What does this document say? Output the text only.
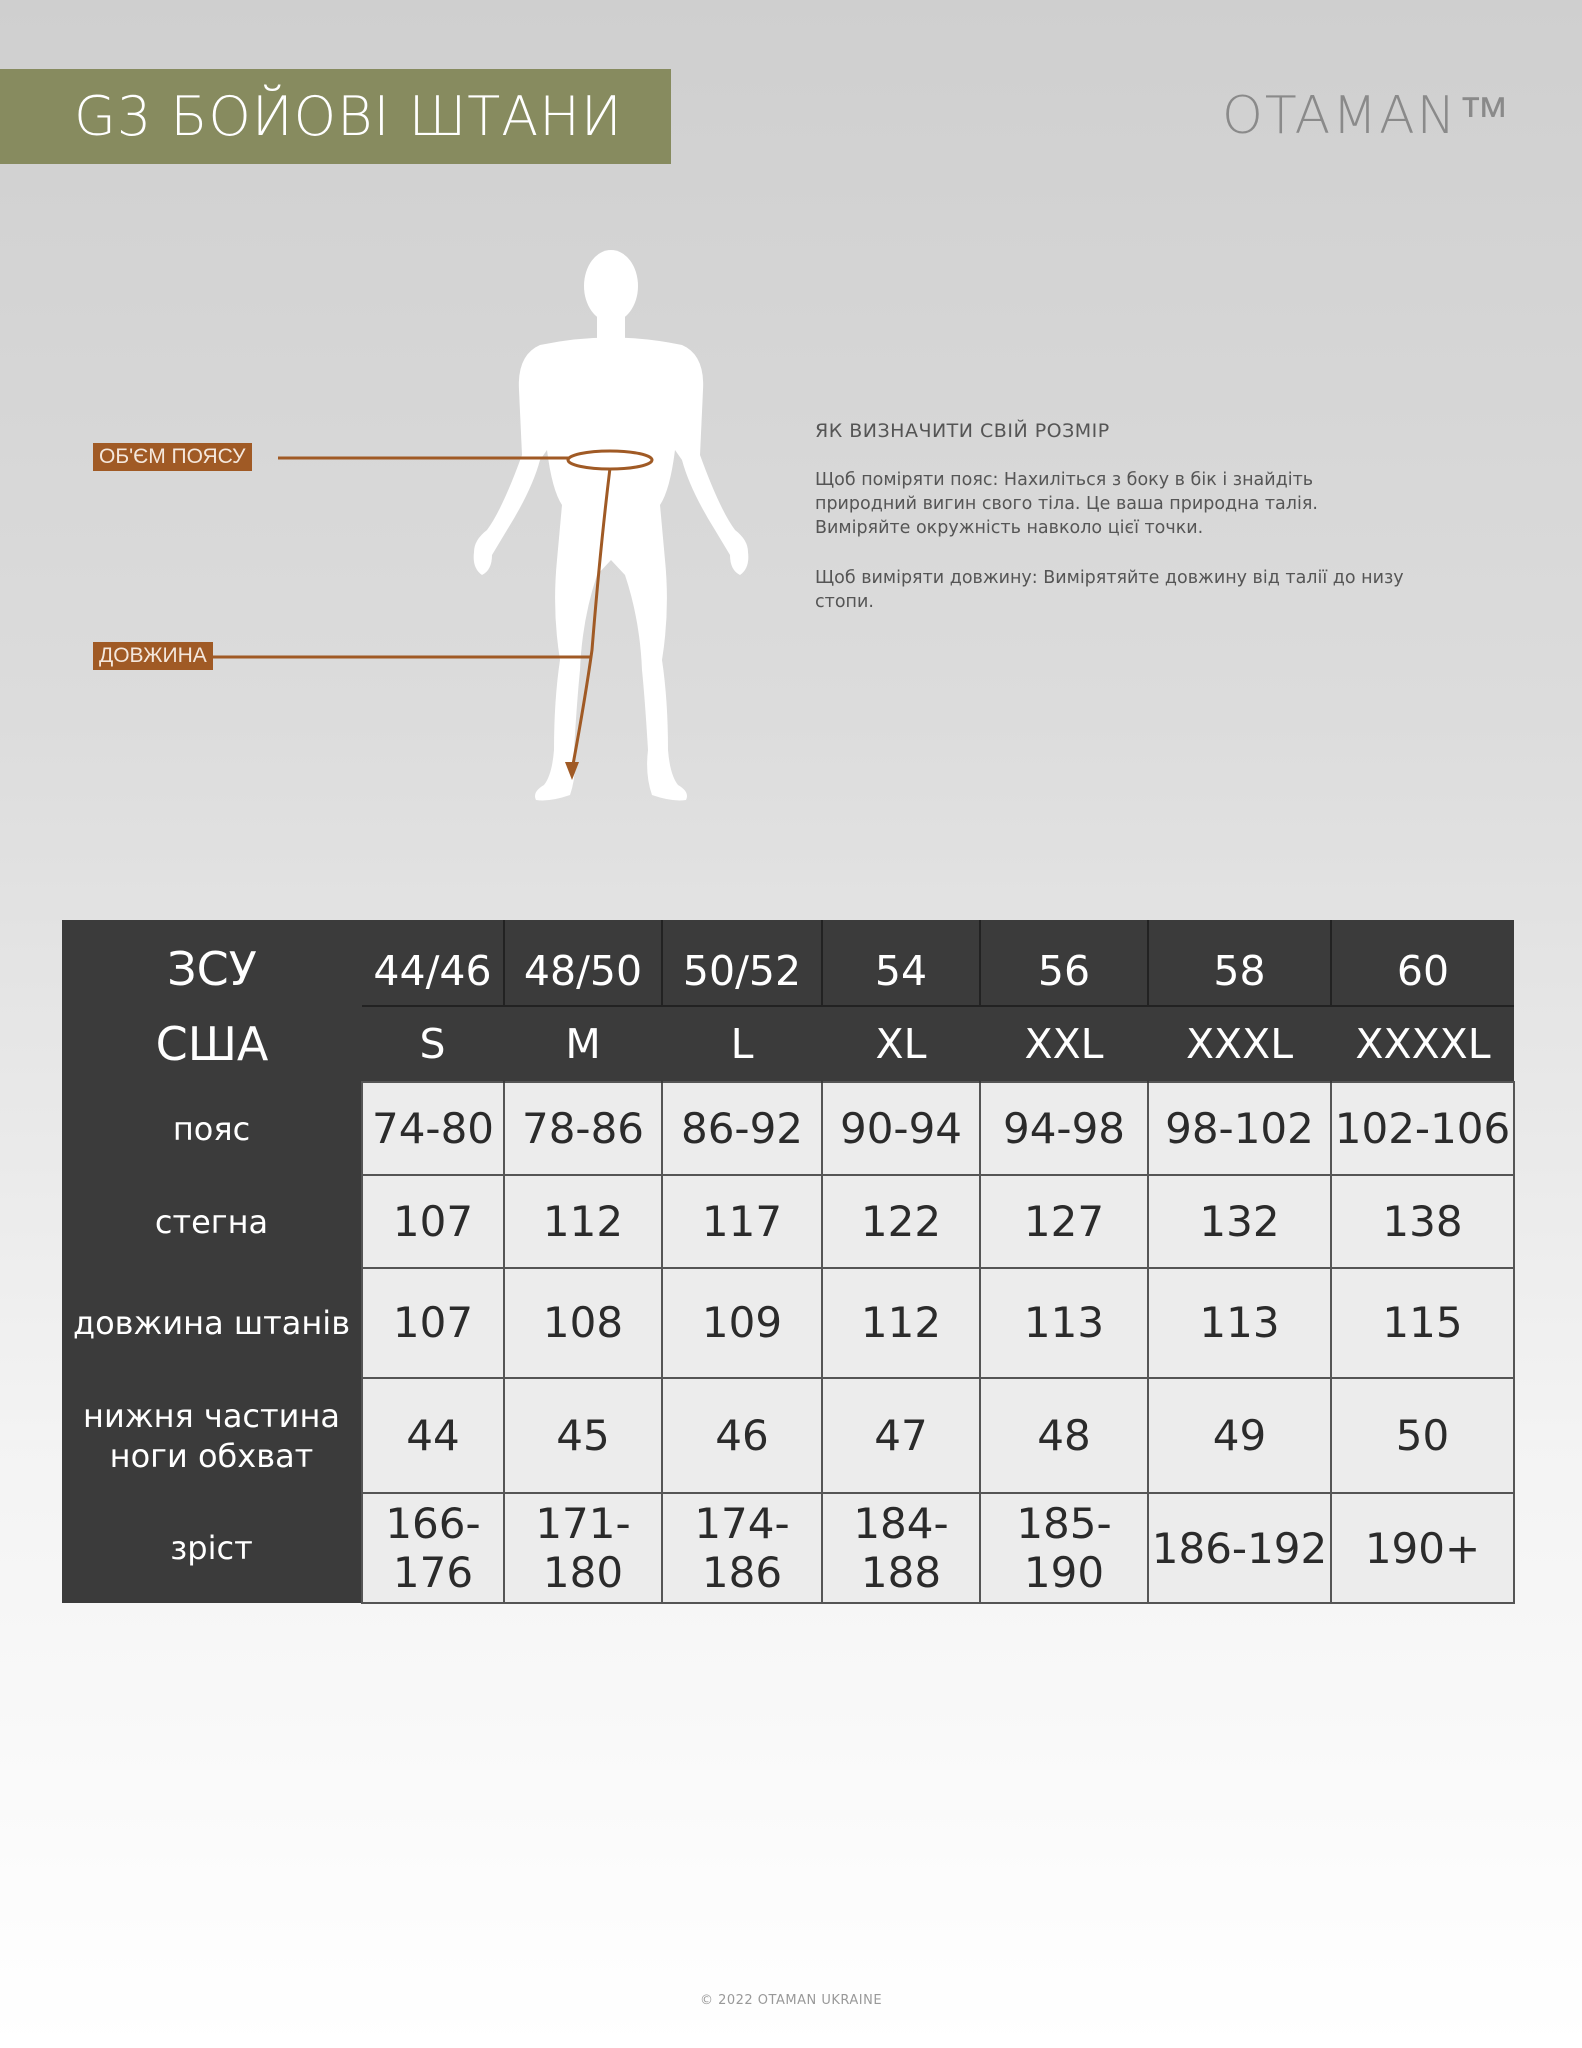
G3 БОЙОВІ ШТАНИ	OTAMAN™
ОБ'ЄМ ПОЯСУ
ДОВЖИНА
ЯК ВИЗНАЧИТИ СВІЙ РОЗМІР

Щоб поміряти пояс: Нахиліться з боку в бік і знайдіть природний вигин свого тіла. Це ваша природна талія. Виміряйте окружність навколо цієї точки.

Щоб виміряти довжину: Вимірятяйте довжину від талії до низу стопи.

ЗСУ	44/46	48/50	50/52	54	56	58	60
США	S	M	L	XL	XXL	XXXL	XXXXL
пояс	74-80	78-86	86-92	90-94	94-98	98-102	102-106
стегна	107	112	117	122	127	132	138
довжина штанів	107	108	109	112	113	113	115
нижня частина ноги обхват	44	45	46	47	48	49	50
зріст	166-176	171-180	174-186	184-188	185-190	186-192	190+
© 2022 OTAMAN UKRAINE
